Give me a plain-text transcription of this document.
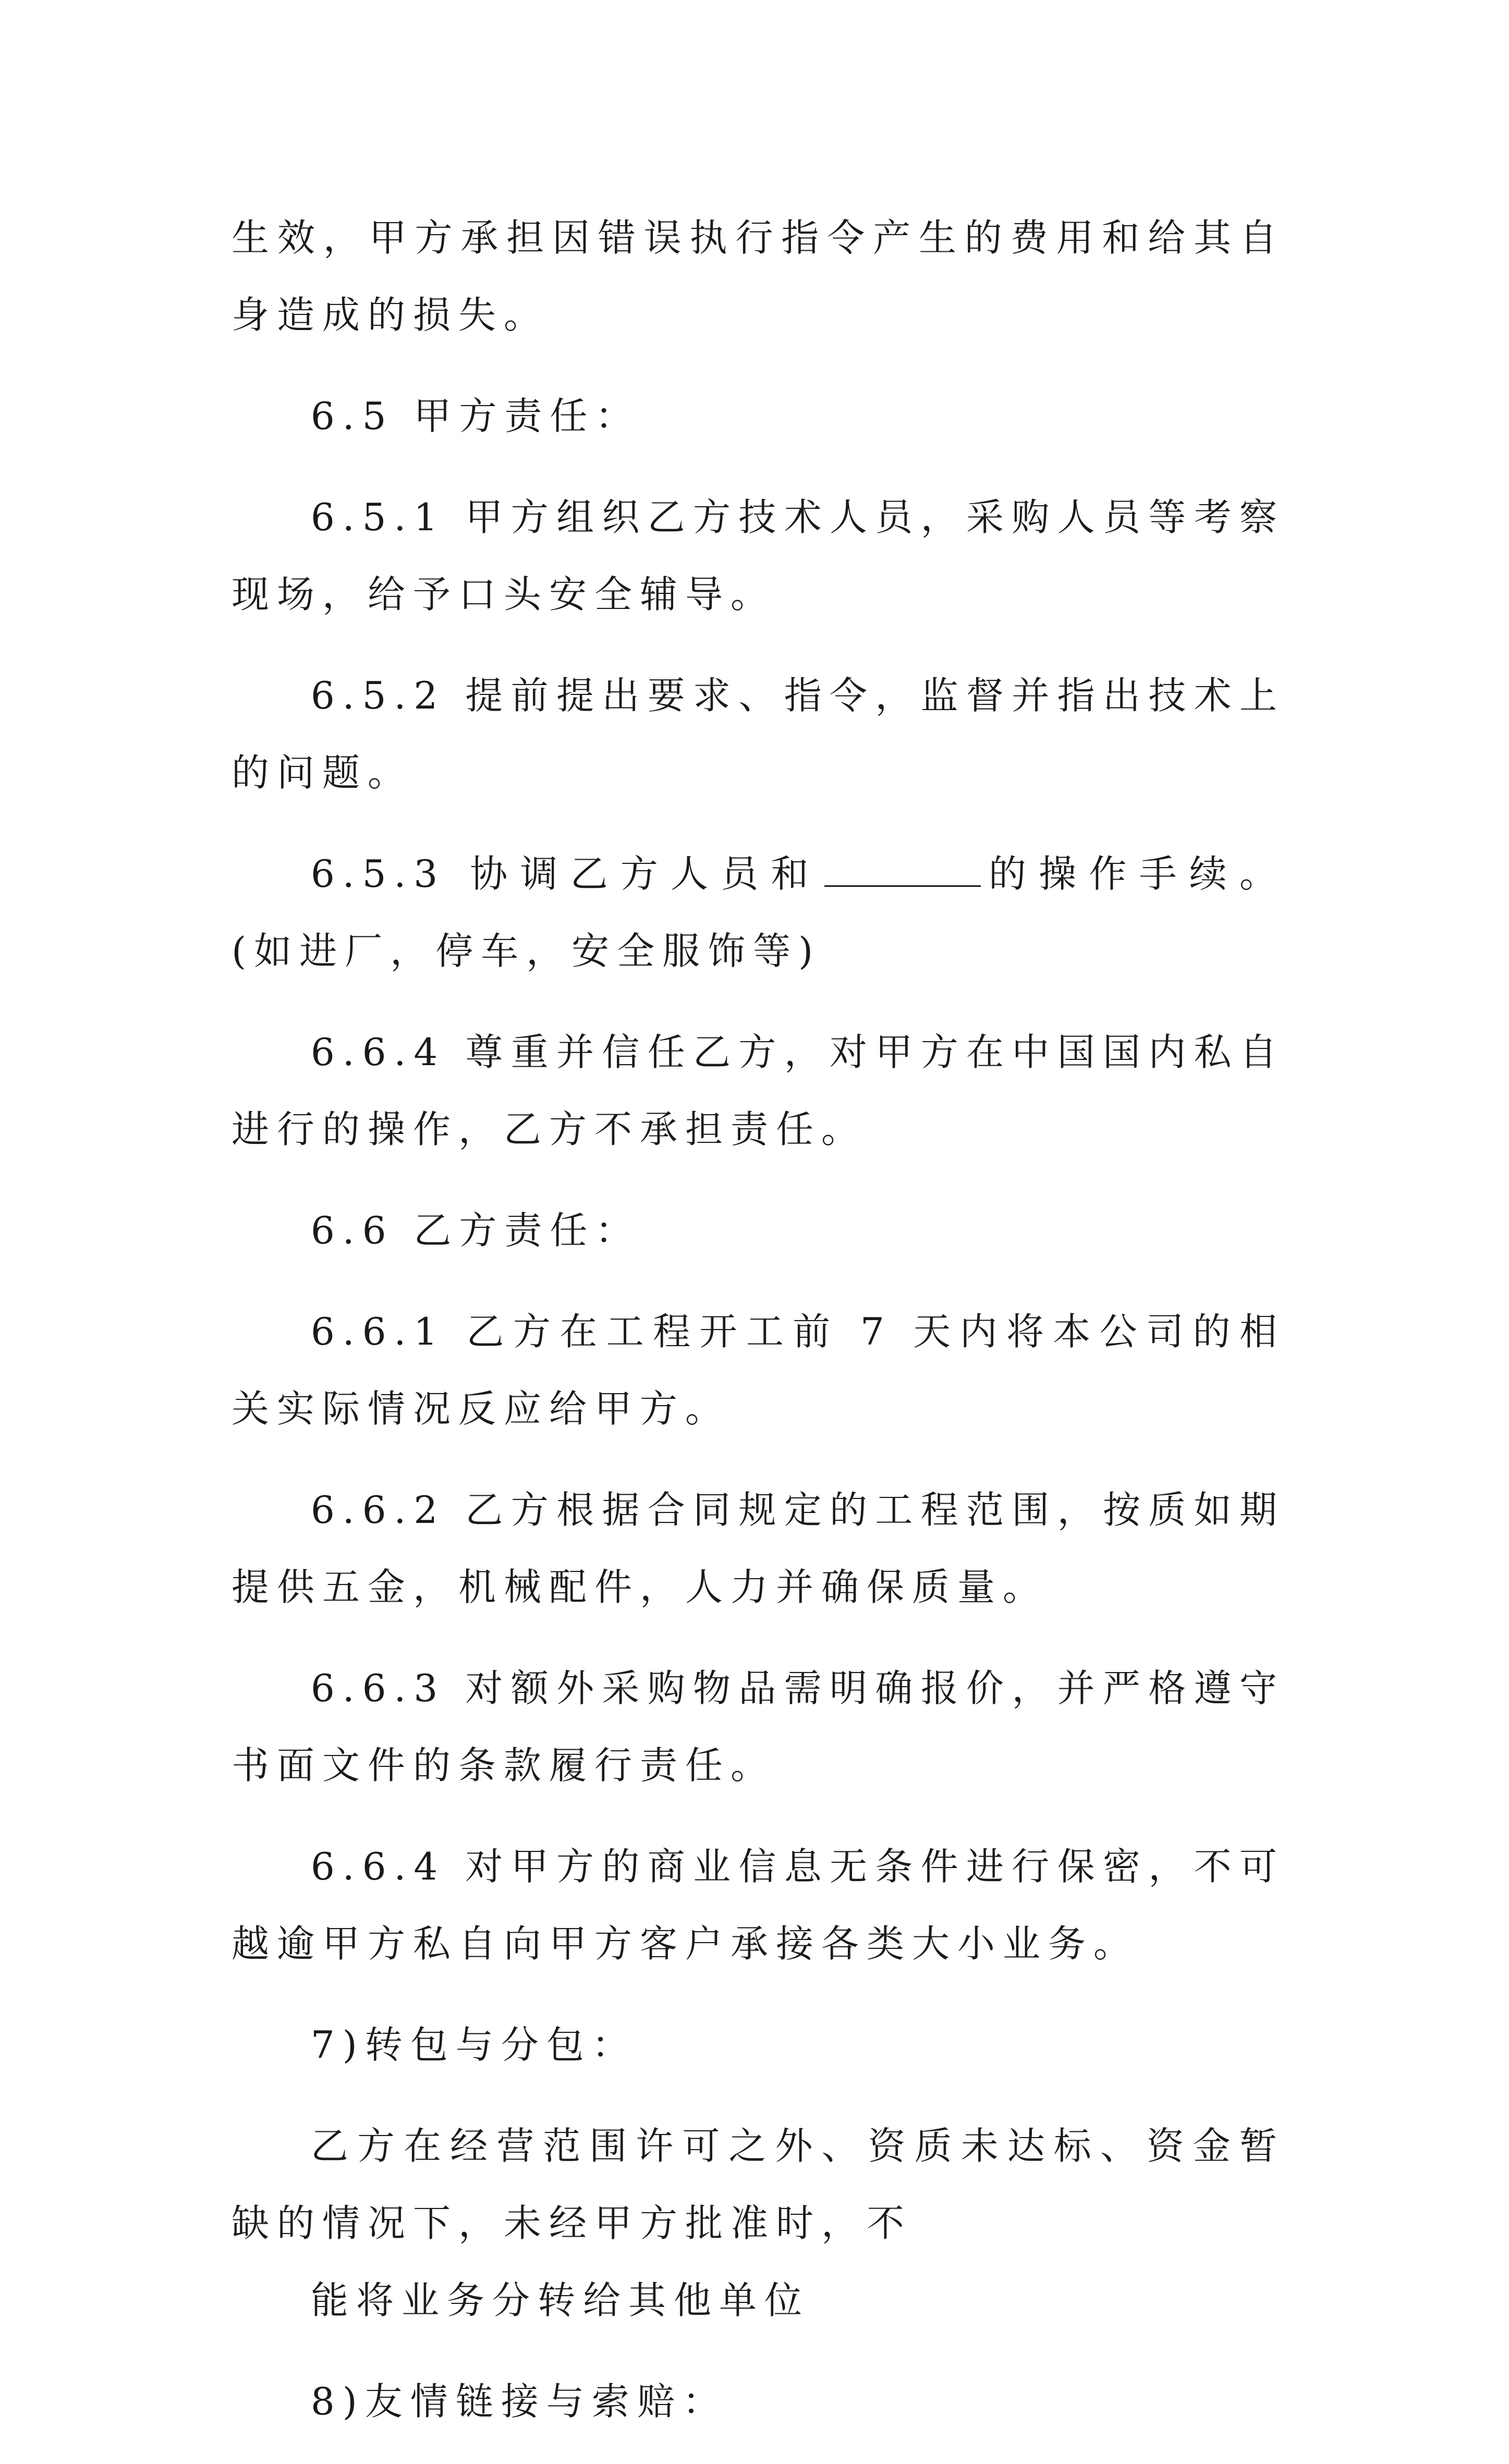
生效，甲方承担因错误执行指令产生的费用和给其自身造成的损失。

6.5 甲方责任：

6.5.1 甲方组织乙方技术人员，采购人员等考察现场，给予口头安全辅导。

6.5.2 提前提出要求、指令，监督并指出技术上的问题。

6.5.3 协调乙方人员和	的操作手续。(如进厂，停车，安全服饰等)

6.6.4 尊重并信任乙方，对甲方在中国国内私自进行的操作，乙方不承担责任。

6.6 乙方责任：

6.6.1 乙方在工程开工前 7 天内将本公司的相关实际情况反应给甲方。

6.6.2 乙方根据合同规定的工程范围，按质如期提供五金，机械配件，人力并确保质量。

6.6.3 对额外采购物品需明确报价，并严格遵守书面文件的条款履行责任。

6.6.4 对甲方的商业信息无条件进行保密，不可越逾甲方私自向甲方客户承接各类大小业务。

7)转包与分包：

乙方在经营范围许可之外、资质未达标、资金暂缺的情况下，未经甲方批准时，不

能将业务分转给其他单位

8)友情链接与索赔：
